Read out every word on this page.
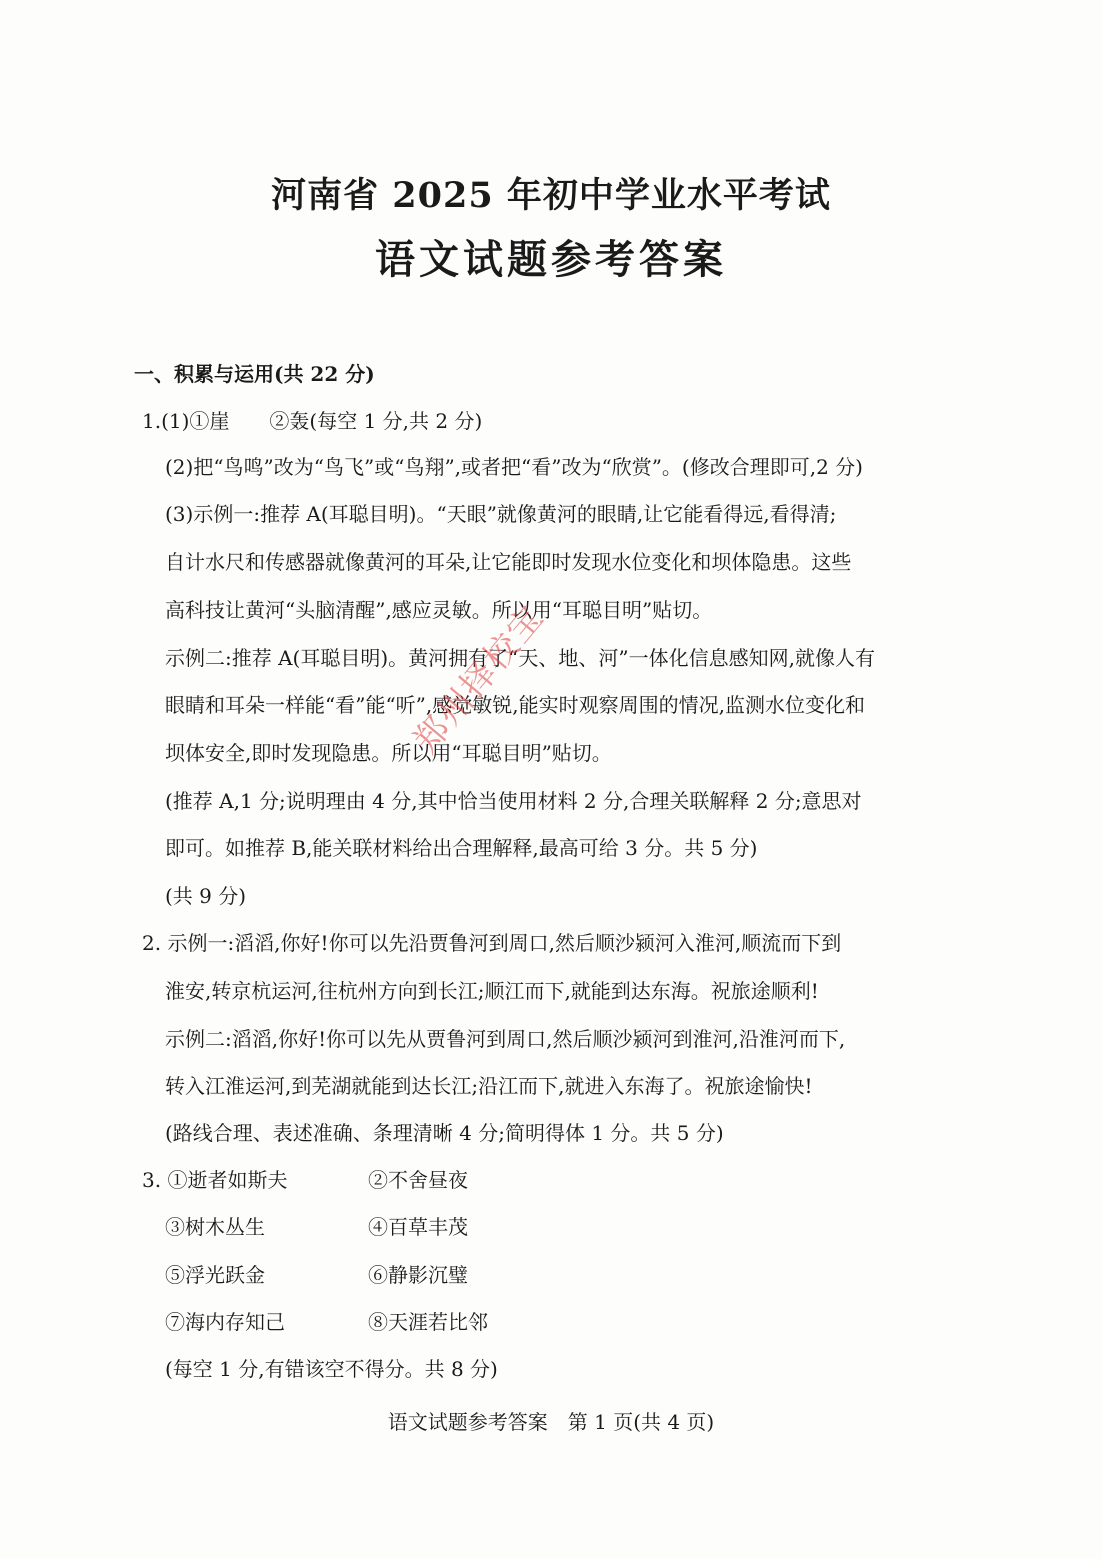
河南省 2025 年初中学业水平考试
语文试题参考答案
一、积累与运用(共 22 分)
1.(1)①崖　　②轰(每空 1 分,共 2 分)
(2)把“鸟鸣”改为“鸟飞”或“鸟翔”,或者把“看”改为“欣赏”。(修改合理即可,2 分)
(3)示例一:推荐 A(耳聪目明)。“天眼”就像黄河的眼睛,让它能看得远,看得清;
自计水尺和传感器就像黄河的耳朵,让它能即时发现水位变化和坝体隐患。这些
高科技让黄河“头脑清醒”,感应灵敏。所以用“耳聪目明”贴切。
示例二:推荐 A(耳聪目明)。黄河拥有了“天、地、河”一体化信息感知网,就像人有
眼睛和耳朵一样能“看”能“听”,感觉敏锐,能实时观察周围的情况,监测水位变化和
坝体安全,即时发现隐患。所以用“耳聪目明”贴切。
(推荐 A,1 分;说明理由 4 分,其中恰当使用材料 2 分,合理关联解释 2 分;意思对
即可。如推荐 B,能关联材料给出合理解释,最高可给 3 分。共 5 分)
(共 9 分)
2. 示例一:滔滔,你好!你可以先沿贾鲁河到周口,然后顺沙颍河入淮河,顺流而下到
淮安,转京杭运河,往杭州方向到长江;顺江而下,就能到达东海。祝旅途顺利!
示例二:滔滔,你好!你可以先从贾鲁河到周口,然后顺沙颍河到淮河,沿淮河而下,
转入江淮运河,到芜湖就能到达长江;沿江而下,就进入东海了。祝旅途愉快!
(路线合理、表述准确、条理清晰 4 分;简明得体 1 分。共 5 分)
3. ①逝者如斯夫	②不舍昼夜
③树木丛生	④百草丰茂
⑤浮光跃金	⑥静影沉璧
⑦海内存知己	⑧天涯若比邻
(每空 1 分,有错该空不得分。共 8 分)
语文试题参考答案　第 1 页(共 4 页)
郑州择校宝
